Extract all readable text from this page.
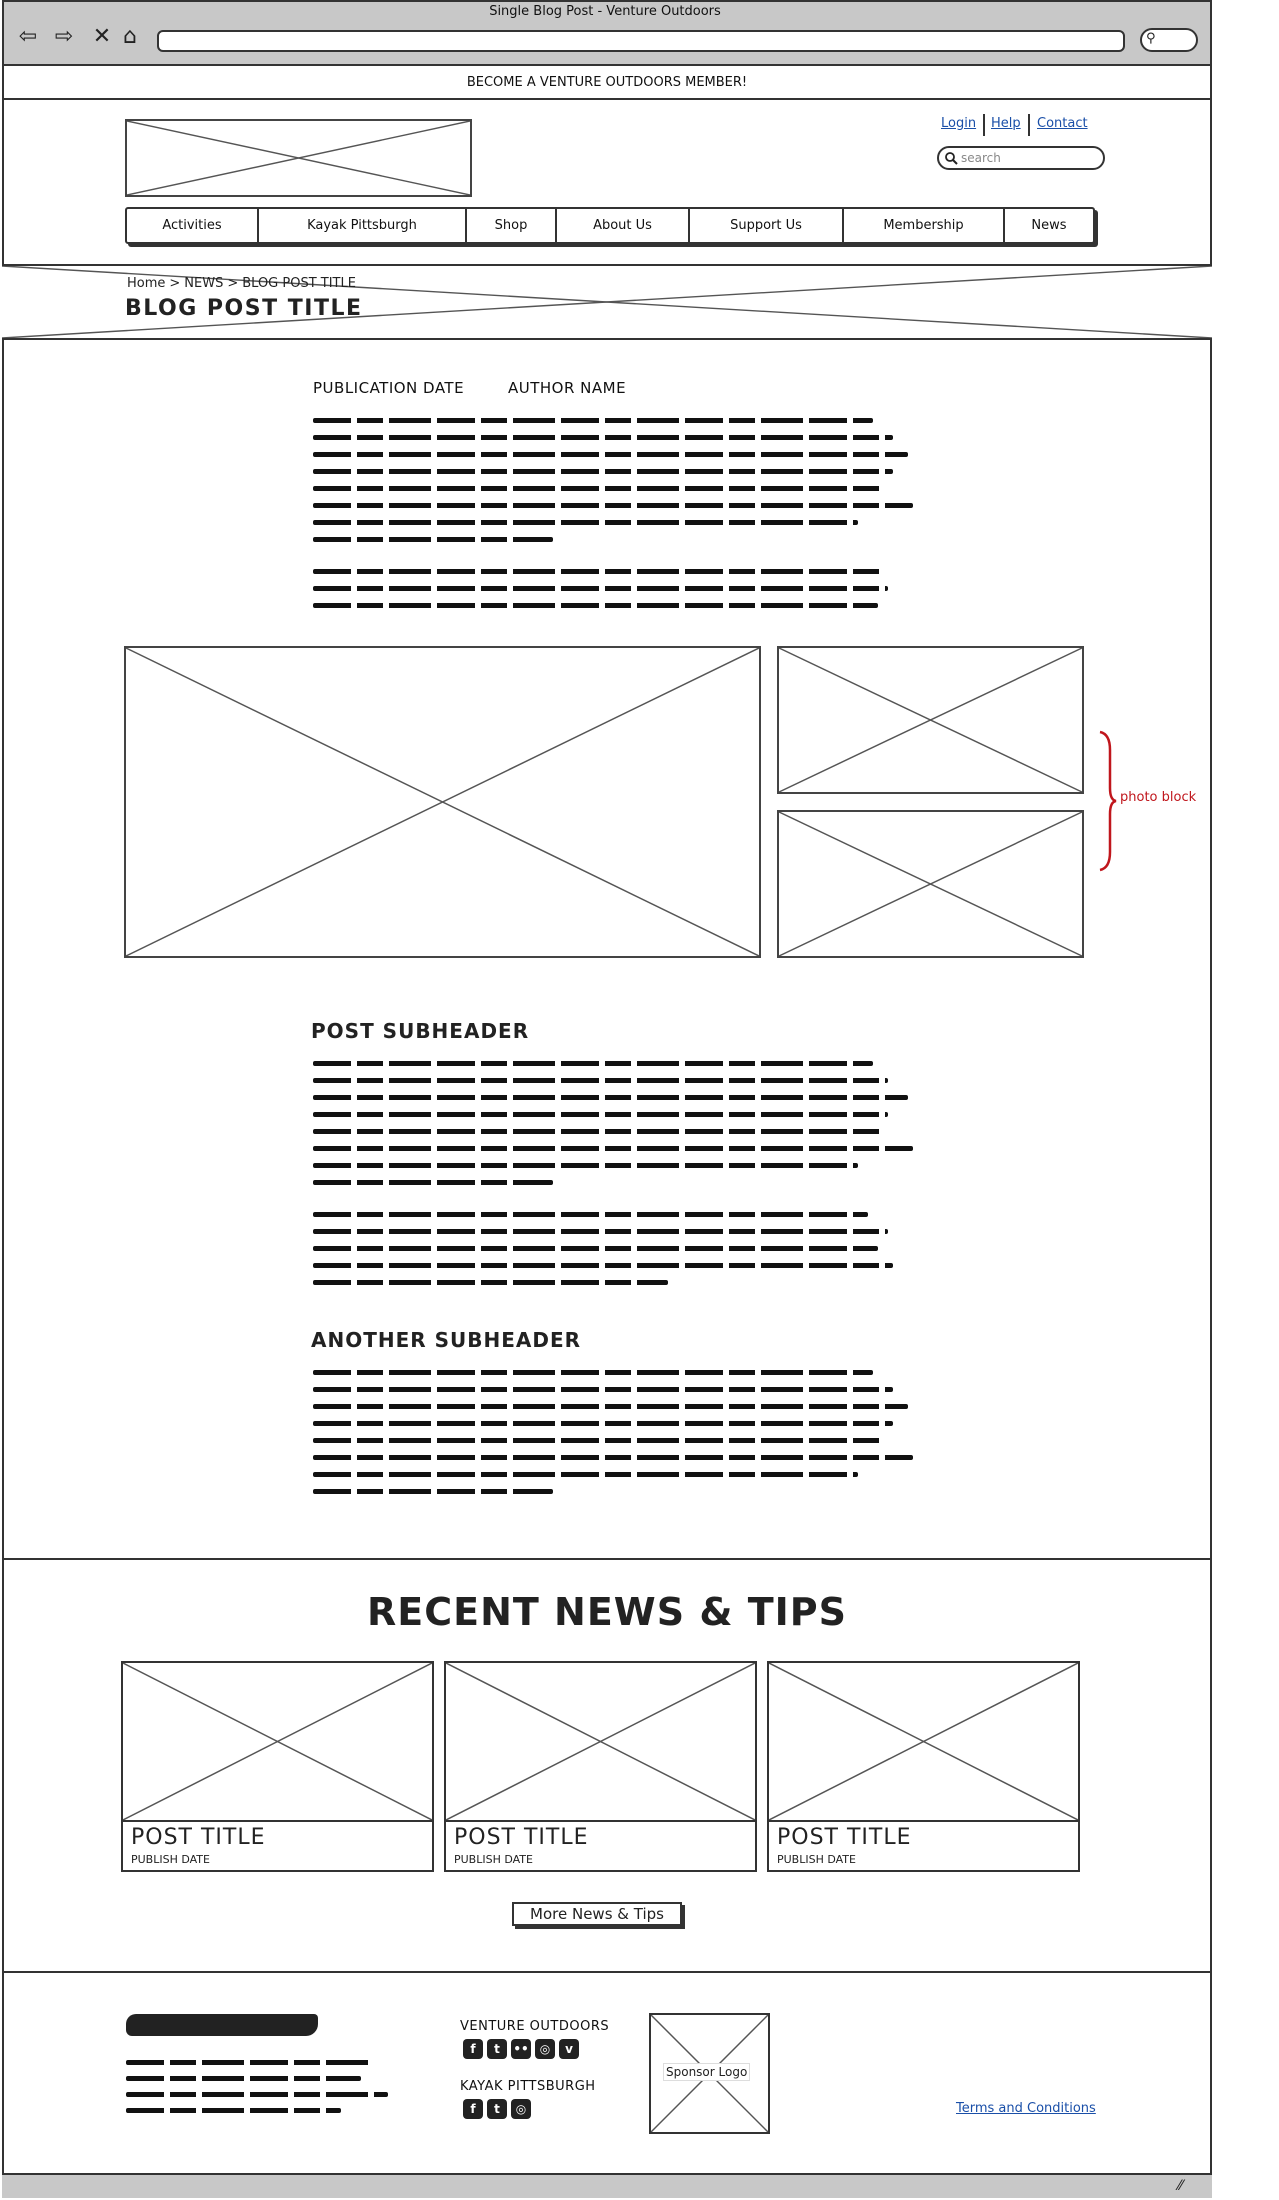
Single Blog Post - Venture Outdoors
⇦ ⇨ ✕ ⌂	⚲
BECOME A VENTURE OUTDOORS MEMBER!
Login Help Contact
search
Activities	Kayak Pittsburgh	Shop	About Us	Support Us	Membership	News
Home > NEWS > BLOG POST TITLE
BLOG POST TITLE
PUBLICATION DATE	AUTHOR NAME
photo block
POST SUBHEADER
ANOTHER SUBHEADER
RECENT NEWS & TIPS
POST TITLE
PUBLISH DATE
POST TITLE
PUBLISH DATE
POST TITLE
PUBLISH DATE
More News & Tips
VENTURE OUTDOORS
f	t	•• ◎	v
KAYAK PITTSBURGH
f	t	◎
Sponsor Logo
Terms and Conditions
⁄⁄
